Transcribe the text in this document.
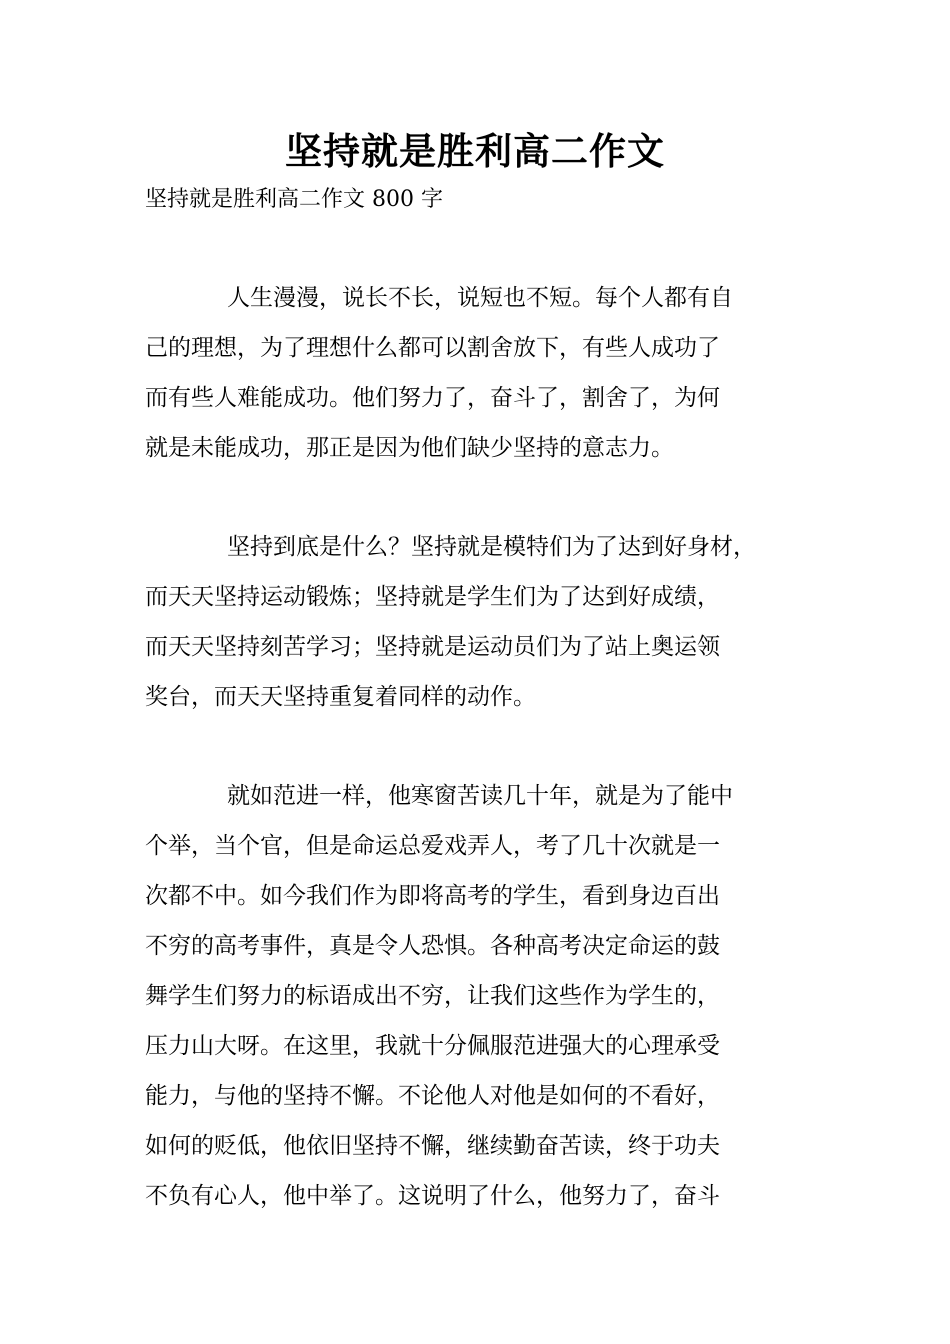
坚持就是胜利高二作文
坚持就是胜利高二作文 800 字
人生漫漫，说长不长，说短也不短。每个人都有自
己的理想，为了理想什么都可以割舍放下，有些人成功了
而有些人难能成功。他们努力了，奋斗了，割舍了，为何
就是未能成功，那正是因为他们缺少坚持的意志力。
坚持到底是什么？坚持就是模特们为了达到好身材，
而天天坚持运动锻炼；坚持就是学生们为了达到好成绩，
而天天坚持刻苦学习；坚持就是运动员们为了站上奥运领
奖台，而天天坚持重复着同样的动作。
就如范进一样，他寒窗苦读几十年，就是为了能中
个举，当个官，但是命运总爱戏弄人，考了几十次就是一
次都不中。如今我们作为即将高考的学生，看到身边百出
不穷的高考事件，真是令人恐惧。各种高考决定命运的鼓
舞学生们努力的标语成出不穷，让我们这些作为学生的，
压力山大呀。在这里，我就十分佩服范进强大的心理承受
能力，与他的坚持不懈。不论他人对他是如何的不看好，
如何的贬低，他依旧坚持不懈，继续勤奋苦读，终于功夫
不负有心人，他中举了。这说明了什么，他努力了，奋斗
